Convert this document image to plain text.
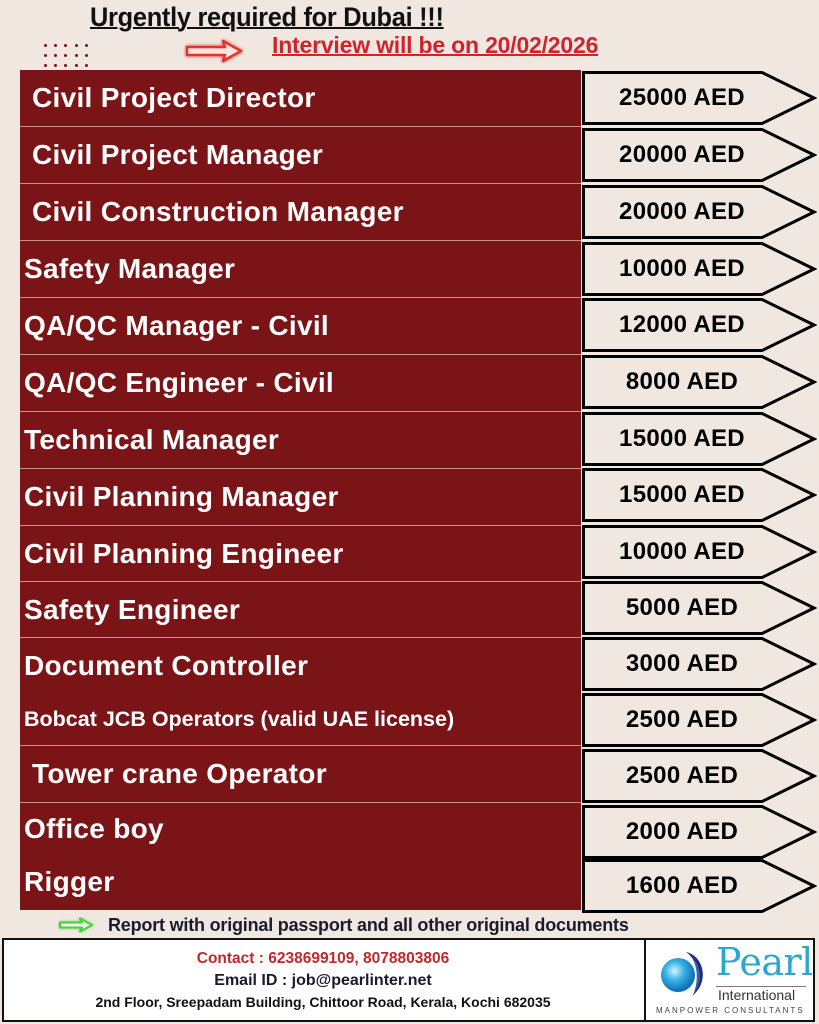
Urgently required for Dubai !!!
Interview will be on 20/02/2026
Civil Project Director
Civil Project Manager
Civil Construction Manager
Safety Manager
QA/QC Manager - Civil
QA/QC Engineer - Civil
Technical Manager
Civil Planning Manager
Civil Planning Engineer
Safety Engineer
Document Controller
Bobcat JCB Operators (valid UAE license)
Tower crane Operator
Office boy
Rigger
25000 AED
20000 AED
20000 AED
10000 AED
12000 AED
8000 AED
15000 AED
15000 AED
10000 AED
5000 AED
3000 AED
2500 AED
2500 AED
2000 AED
1600 AED
Report with original passport and all other original documents
Contact : 6238699109, 8078803806
Email ID : job@pearlinter.net
2nd Floor, Sreepadam Building, Chittoor Road, Kerala, Kochi 682035
Pearl
International
MANPOWER CONSULTANTS
